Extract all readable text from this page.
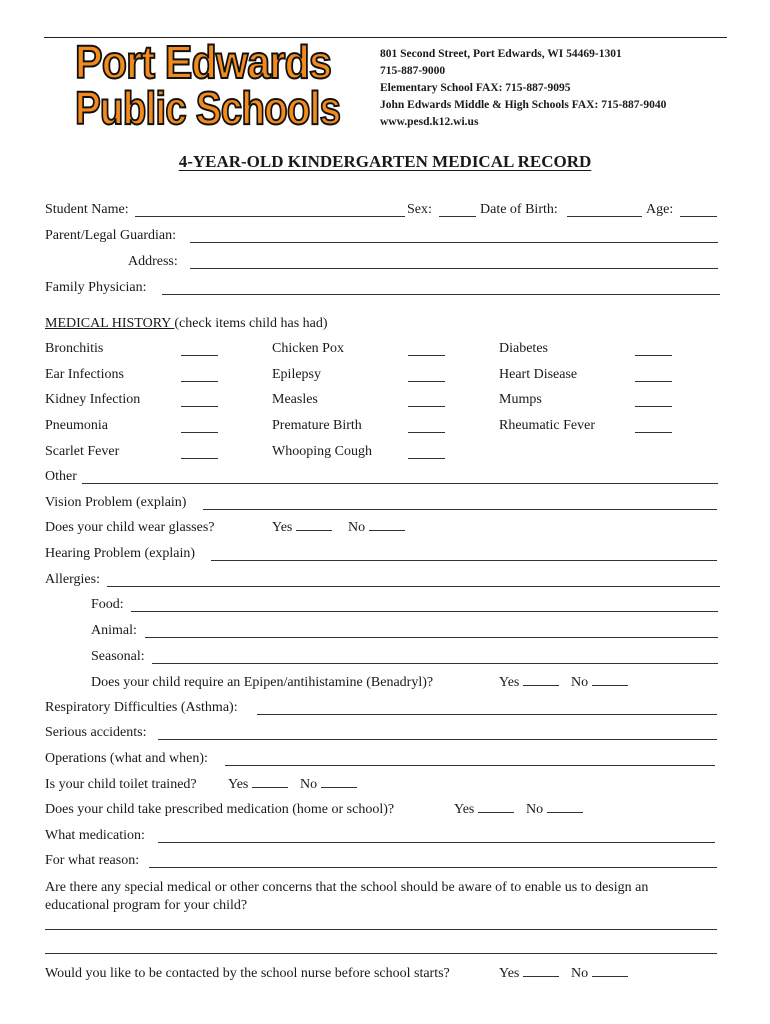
Port Edwards
Public Schools
801 Second Street, Port Edwards, WI 54469-1301
715-887-9000
Elementary School FAX: 715-887-9095
John Edwards Middle & High Schools FAX: 715-887-9040
www.pesd.k12.wi.us
4-YEAR-OLD KINDERGARTEN MEDICAL RECORD
Student Name:	Sex:	Date of Birth:	Age:
Parent/Legal Guardian:
Address:
Family Physician:
MEDICAL HISTORY (check items child has had)
Bronchitis	Chicken Pox	Diabetes
Ear Infections	Epilepsy	Heart Disease
Kidney Infection	Measles	Mumps
Pneumonia	Premature Birth	Rheumatic Fever
Scarlet Fever	Whooping Cough
Other
Vision Problem (explain)
Does your child wear glasses?	Yes	No
Hearing Problem (explain)
Allergies:
Food:
Animal:
Seasonal:
Does your child require an Epipen/antihistamine (Benadryl)?	Yes	No
Respiratory Difficulties (Asthma):
Serious accidents:
Operations (what and when):
Is your child toilet trained? Yes	No
Does your child take prescribed medication (home or school)?	Yes	No
What medication:
For what reason:
Are there any special medical or other concerns that the school should be aware of to enable us to design an
educational program for your child?
Would you like to be contacted by the school nurse before school starts?	Yes	No
